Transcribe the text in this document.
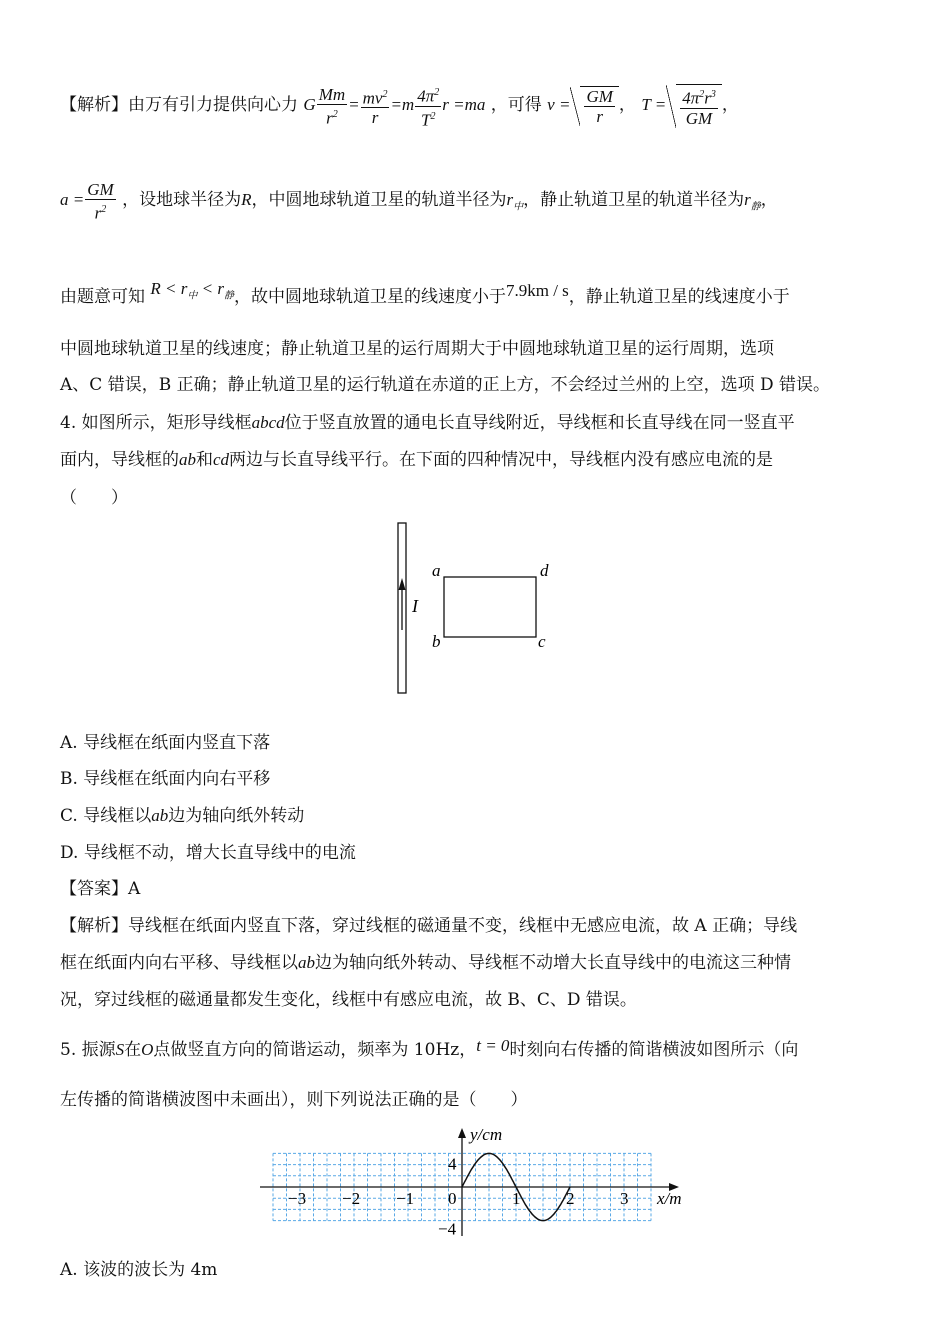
【解析】由万有引力提供向心力 G $\frac{Mm}{r^2} = \frac{mv^2}{r} =m \frac{4\pi^2}{T^2}$ r =ma ，可得 $v = \frac{GM}{r}$ ， $T = \frac{4\pi^2r^3}{GM}$ ，
$a = \frac{GM}{r^2}$ ，设地球半径为R，中圆地球轨道卫星的轨道半径为$r_中$，静止轨道卫星的轨道半径为$r_静$，
由题意可知 $R < r_中 < r_静$，故中圆地球轨道卫星的线速度小于7.9km / s，静止轨道卫星的线速度小于
中圆地球轨道卫星的线速度；静止轨道卫星的运行周期大于中圆地球轨道卫星的运行周期，选项
A、C 错误，B 正确；静止轨道卫星的运行轨道在赤道的正上方，不会经过兰州的上空，选项 D 错误。
4. 如图所示，矩形导线框abcd位于竖直放置的通电长直导线附近，导线框和长直导线在同一竖直平
面内，导线框的ab和cd两边与长直导线平行。在下面的四种情况中，导线框内没有感应电流的是
（　　）
I
a	d
b	c
A. 导线框在纸面内竖直下落
B. 导线框在纸面内向右平移
C. 导线框以ab边为轴向纸外转动
D. 导线框不动，增大长直导线中的电流
【答案】A
【解析】导线框在纸面内竖直下落，穿过线框的磁通量不变，线框中无感应电流，故 A 正确；导线
框在纸面内向右平移、导线框以ab边为轴向纸外转动、导线框不动增大长直导线中的电流这三种情
况，穿过线框的磁通量都发生变化，线框中有感应电流，故 B、C、D 错误。
5. 振源S在O点做竖直方向的简谐运动，频率为 10Hz，t = 0时刻向右传播的简谐横波如图所示（向
左传播的简谐横波图中未画出），则下列说法正确的是（　　）
−3 −2 −1 0	1	2	3
4
−4
y/cm
x/m
A. 该波的波长为 4m
